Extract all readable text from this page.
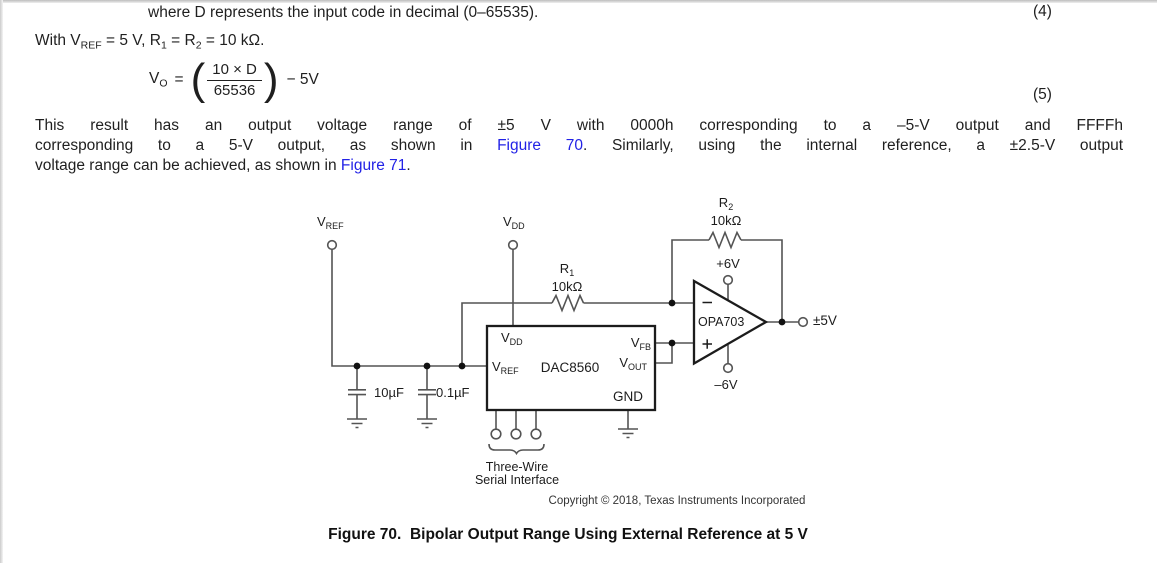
where D represents the input code in decimal (0–65535).	(4)
With $V_{REF} = 5$ V, $R_1 = R_2 = 10$ kΩ.
$V_O$ = ( $\frac{10 \times D}{65536}$ ) − 5V
(5)
This result has an output voltage range of ±5 V with 0000h corresponding to a –5-V output and FFFFh
corresponding to a 5-V output, as shown in Figure 70. Similarly, using the internal reference, a ±2.5-V output
voltage range can be achieved, as shown in Figure 71.
$V_{REF}$	$V_{DD}$
$R_1$
10kΩ
$R_2$
10kΩ
+6V
–6V
OPA703	±5V
$V_{DD}$
$V_{REF}$ DAC8560
$V_{FB}$
$V_{OUT}$
GND
10µF 0.1µF
Three-Wire
Serial Interface
Copyright © 2018, Texas Instruments Incorporated
Figure 70.  Bipolar Output Range Using External Reference at 5 V
